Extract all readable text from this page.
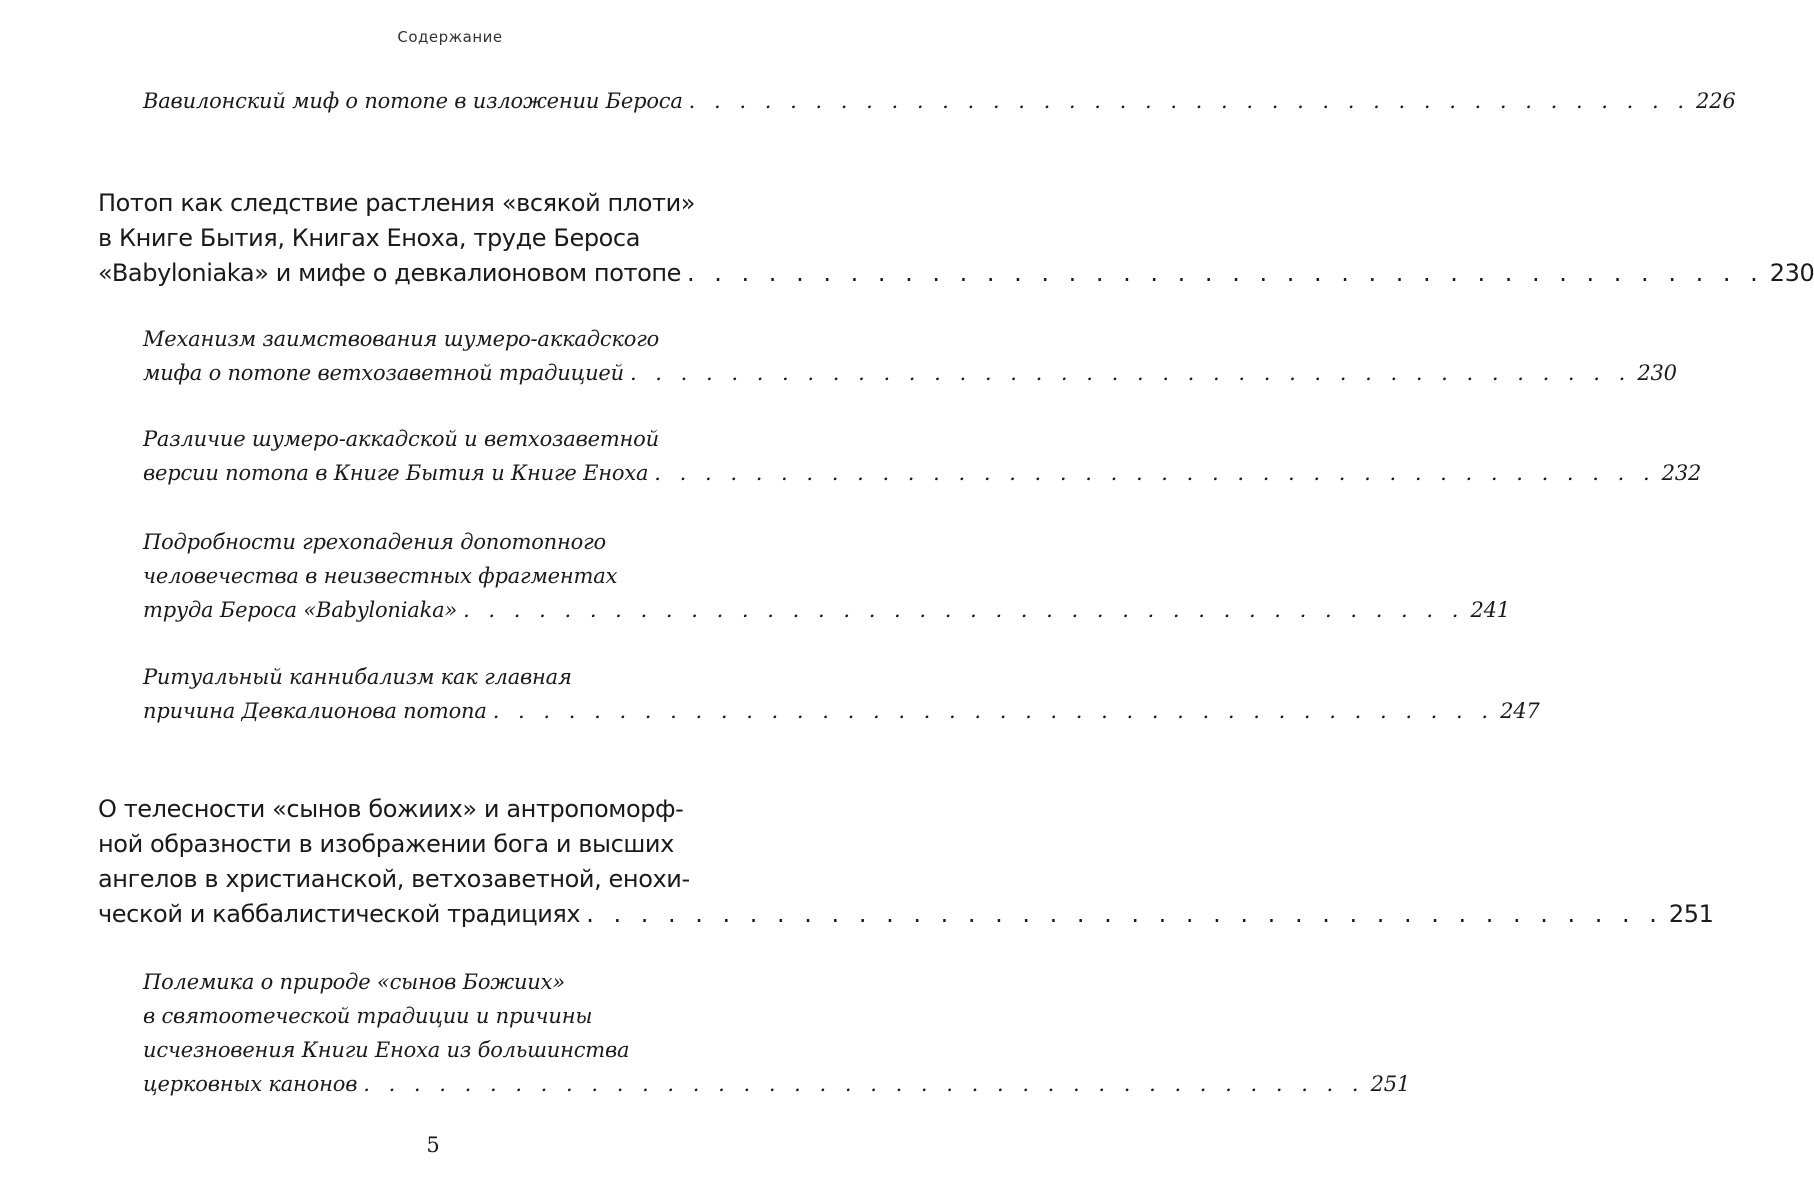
Содержание
Вавилонский миф о потопе в изложении Бероса . . . . . . . . . . . . . . . . . . . . . . . . . . . . . . . . . . . . . . . . 226
Потоп как следствие растления «всякой плоти»
в Книге Бытия, Книгах Еноха, труде Бероса
«Babyloniaka» и мифе о девкалионовом потопе . . . . . . . . . . . . . . . . . . . . . . . . . . . . . . . . . . . . . . . . 230
Механизм заимствования шумеро-аккадского
мифа о потопе ветхозаветной традицией . . . . . . . . . . . . . . . . . . . . . . . . . . . . . . . . . . . . . . . . 230
Различие шумеро-аккадской и ветхозаветной
версии потопа в Книге Бытия и Книге Еноха . . . . . . . . . . . . . . . . . . . . . . . . . . . . . . . . . . . . . . . . 232
Подробности грехопадения допотопного
человечества в неизвестных фрагментах
труда Бероса «Babyloniaka» . . . . . . . . . . . . . . . . . . . . . . . . . . . . . . . . . . . . . . . . 241
Ритуальный каннибализм как главная
причина Девкалионова потопа . . . . . . . . . . . . . . . . . . . . . . . . . . . . . . . . . . . . . . . . 247
О телесности «сынов божиих» и антропоморф-
ной образности в изображении бога и высших
ангелов в христианской, ветхозаветной, енохи-
ческой и каббалистической традициях . . . . . . . . . . . . . . . . . . . . . . . . . . . . . . . . . . . . . . . . 251
Полемика о природе «сынов Божиих»
в святоотеческой традиции и причины
исчезновения Книги Еноха из большинства
церковных канонов . . . . . . . . . . . . . . . . . . . . . . . . . . . . . . . . . . . . . . . . 251
5
